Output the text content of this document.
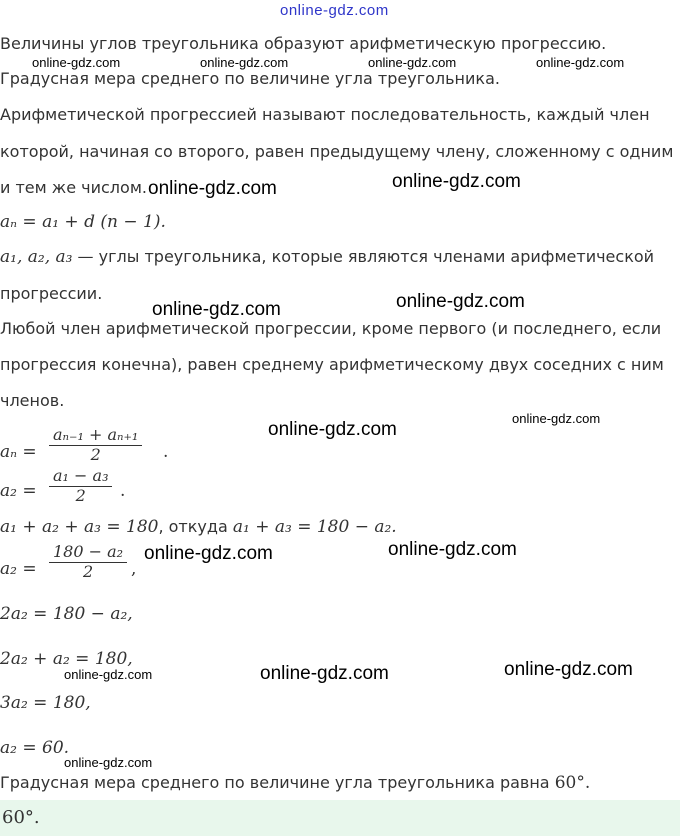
online-gdz.com
Величины углов треугольника образуют арифметическую прогрессию.
Градусная мера среднего по величине угла треугольника.
Арифметической прогрессией называют последовательность, каждый член
которой, начиная со второго, равен предыдущему члену, сложенному с одним
и тем же числом.
aₙ = a₁ + d (n − 1).
a₁, a₂, a₃ — углы треугольника, которые являются членами арифметической
прогрессии.
Любой член арифметической прогрессии, кроме первого (и последнего, если
прогрессия конечна), равен среднему арифметическому двух соседних с ним
членов.
$a_n = \frac{\text{aₙ₋₁ + aₙ₊₁}}{2}$ .
$a_2 = \frac{\text{a₁ − a₃}}{2}$ .
a₁ + a₂ + a₃ = 180, откуда a₁ + a₃ = 180 − a₂.
$a_2 = \frac{\text{180 − a₂}}{2}$ ,
2a₂ = 180 − a₂,
2a₂ + a₂ = 180,
3a₂ = 180,
a₂ = 60.
Градусная мера среднего по величине угла треугольника равна 60°.
60°.
online-gdz.com	online-gdz.com	online-gdz.com	online-gdz.com
online-gdz.com	online-gdz.com
online-gdz.com	online-gdz.com
online-gdz.com
online-gdz.com
online-gdz.com	online-gdz.com
online-gdz.com	online-gdz.com	online-gdz.com
online-gdz.com
